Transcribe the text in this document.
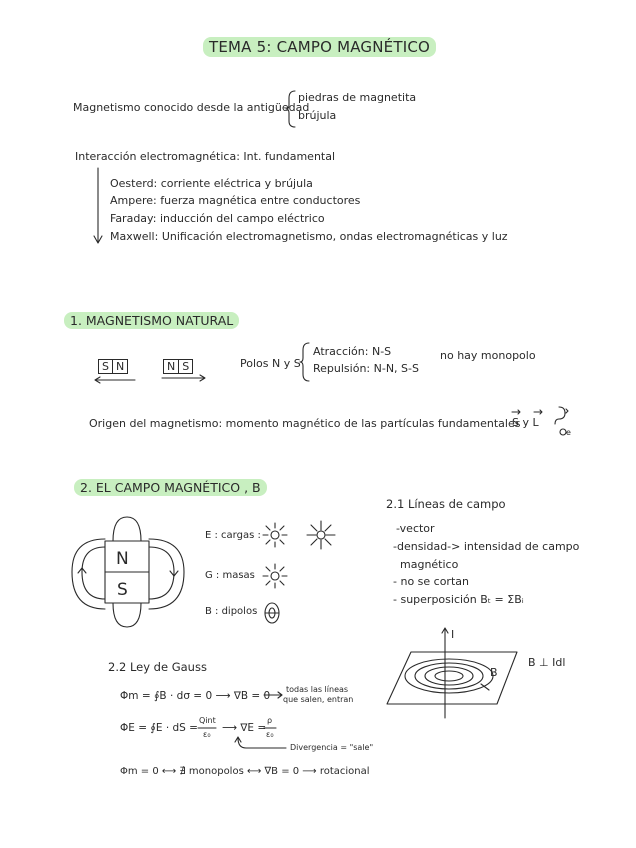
TEMA 5: CAMPO MAGNÉTICO
Magnetismo conocido desde la antigüedad
piedras de magnetita
brújula
Interacción electromagnética: Int. fundamental
Oesterd: corriente eléctrica y brújula
Ampere: fuerza magnética entre conductores
Faraday: inducción del campo eléctrico
Maxwell: Unificación electromagnetismo, ondas electromagnéticas y luz
1. MAGNETISMO NATURAL
S N	N S	Polos N y S
Atracción: N-S
Repulsión: N-N, S-S
no hay monopolo
Origen del magnetismo: momento magnético de las partículas fundamentales
S y L
e
2. EL CAMPO MAGNÉTICO , B
N
S
E : cargas :
G : masas
B : dipolos
2.1 Líneas de campo
-vector
-densidad-> intensidad de campo
magnético
- no se cortan
- superposición Bₜ = ΣBᵢ
I
B
B ⊥ Idl
2.2 Ley de Gauss
Φm = ∮B · dσ = 0 ⟶ ∇B = 0
todas las líneas
que salen, entran
ΦE = ∮E · dS =
Qint
ε₀
⟶ ∇E =
ρ
ε₀
Divergencia = "sale"
Φm = 0 ⟷ ∄ monopolos ⟷ ∇B = 0 ⟶ rotacional
